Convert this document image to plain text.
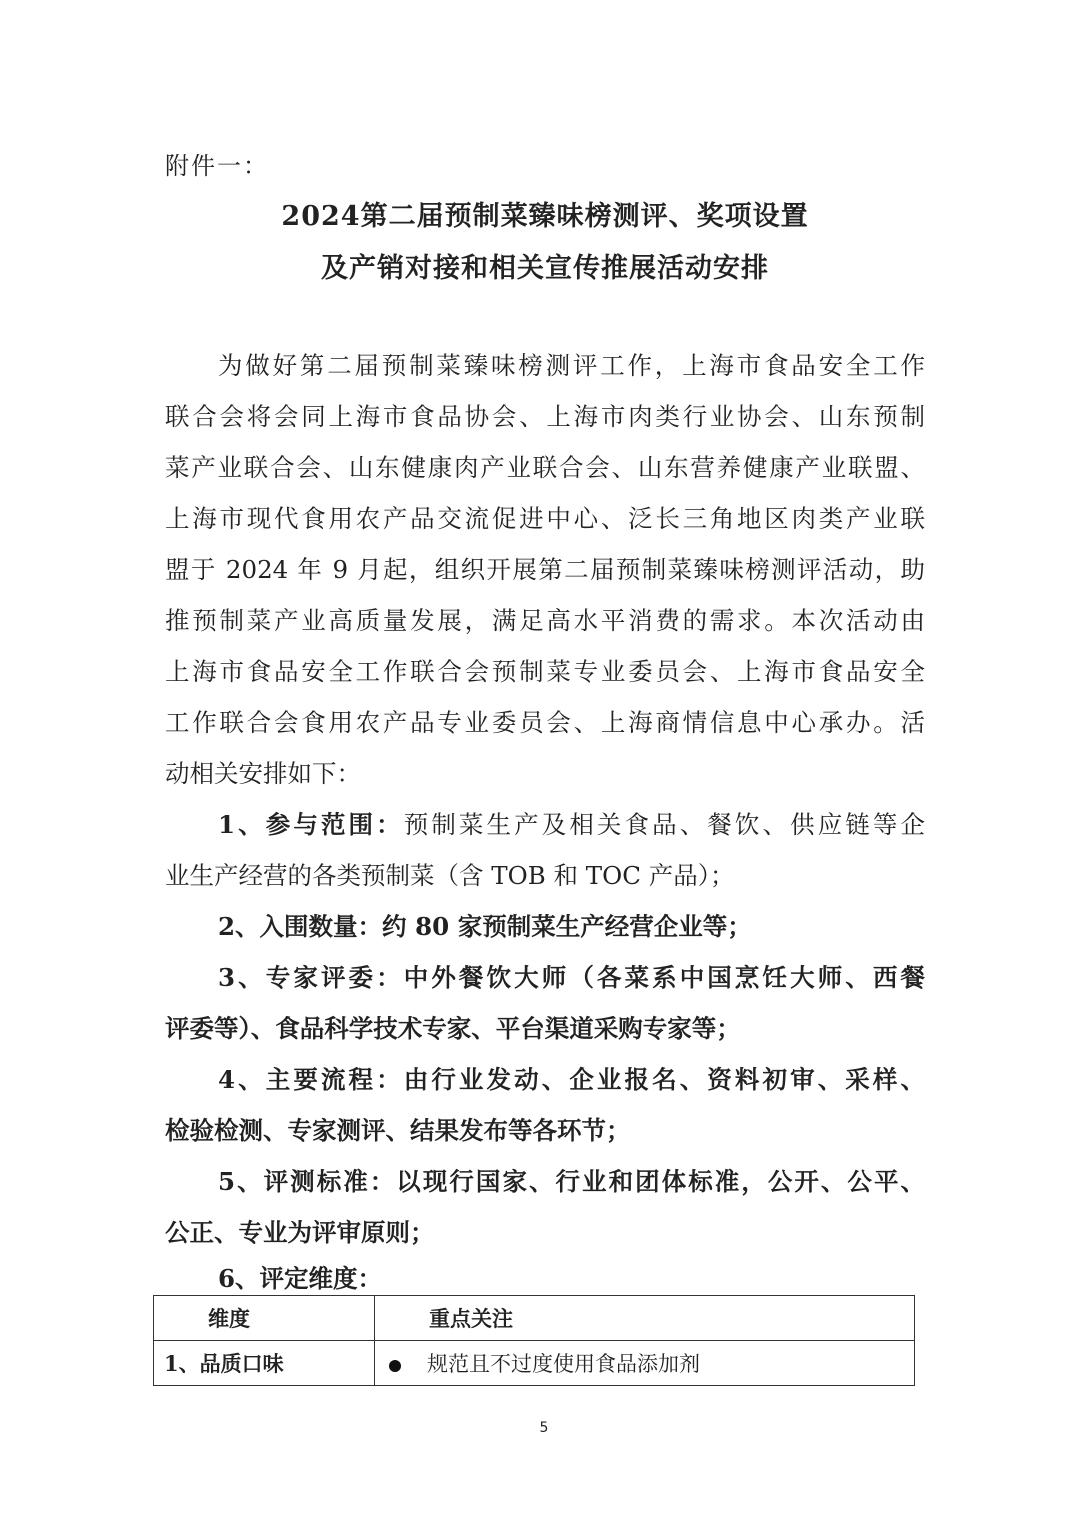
附件一：
2024第二届预制菜臻味榜测评、奖项设置
及产销对接和相关宣传推展活动安排
为做好第二届预制菜臻味榜测评工作，上海市食品安全工作
联合会将会同上海市食品协会、上海市肉类行业协会、山东预制
菜产业联合会、山东健康肉产业联合会、山东营养健康产业联盟、
上海市现代食用农产品交流促进中心、泛长三角地区肉类产业联
盟于 2024 年 9 月起，组织开展第二届预制菜臻味榜测评活动，助
推预制菜产业高质量发展，满足高水平消费的需求。本次活动由
上海市食品安全工作联合会预制菜专业委员会、上海市食品安全
工作联合会食用农产品专业委员会、上海商情信息中心承办。活
动相关安排如下：
1、参与范围：预制菜生产及相关食品、餐饮、供应链等企
业生产经营的各类预制菜（含 TOB 和 TOC 产品）；
2、入围数量：约 80 家预制菜生产经营企业等；
3、专家评委：中外餐饮大师（各菜系中国烹饪大师、西餐
评委等）、食品科学技术专家、平台渠道采购专家等；
4、主要流程：由行业发动、企业报名、资料初审、采样、
检验检测、专家测评、结果发布等各环节；
5、评测标准：以现行国家、行业和团体标准，公开、公平、
公正、专业为评审原则；
6、评定维度：
维度	重点关注
1、品质口味	规范且不过度使用食品添加剂
5
